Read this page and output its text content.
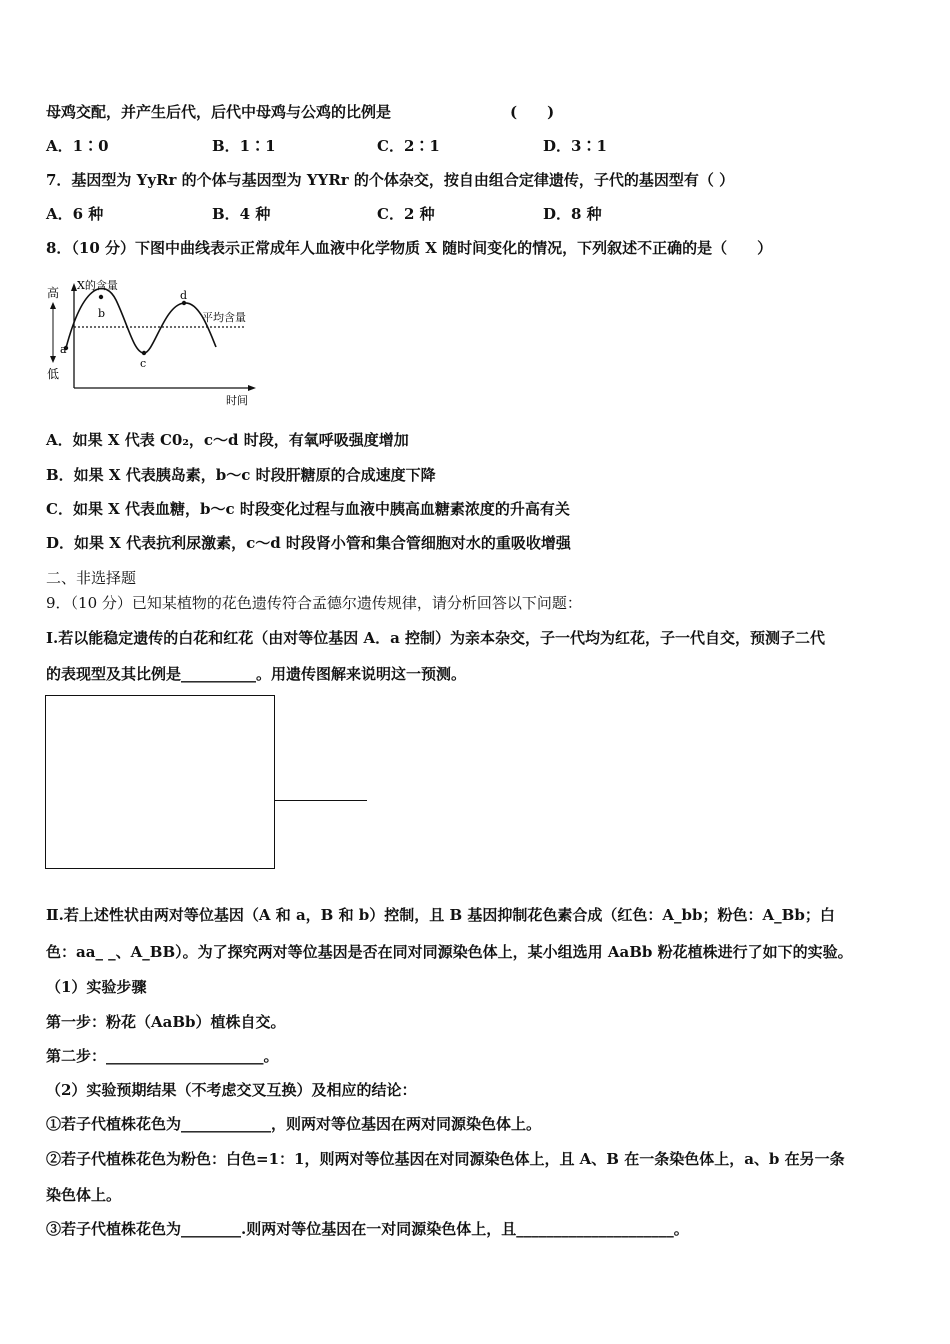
母鸡交配，并产生后代，后代中母鸡与公鸡的比例是	(　　)
A．1∶0	B．1∶1	C．2∶1	D．3∶1
7．基因型为 YyRr 的个体与基因型为 YYRr 的个体杂交，按自由组合定律遗传，子代的基因型有（ ）
A．6 种	B．4 种	C．2 种	D．8 种
8．（10 分）下图中曲线表示正常成年人血液中化学物质 X 随时间变化的情况，下列叙述不正确的是（　　）
高
低
X的含量
时间
平均含量
a
b
c
d
A．如果 X 代表 C0₂，c～d 时段，有氧呼吸强度增加
B．如果 X 代表胰岛素，b～c 时段肝糖原的合成速度下降
C．如果 X 代表血糖，b～c 时段变化过程与血液中胰高血糖素浓度的升高有关
D．如果 X 代表抗利尿激素，c～d 时段肾小管和集合管细胞对水的重吸收增强
二、非选择题
9．（10 分）已知某植物的花色遗传符合孟德尔遗传规律，请分析回答以下问题：
Ⅰ.若以能稳定遗传的白花和红花（由对等位基因 A．a 控制）为亲本杂交，子一代均为红花，子一代自交，预测子二代
的表现型及其比例是__________。用遗传图解来说明这一预测。
Ⅱ.若上述性状由两对等位基因（A 和 a，B 和 b）控制，且 B 基因抑制花色素合成（红色：A_bb；粉色：A_Bb；白
色：aa_ _、A_BB）。为了探究两对等位基因是否在同对同源染色体上，某小组选用 AaBb 粉花植株进行了如下的实验。
（1）实验步骤
第一步：粉花（AaBb）植株自交。
第二步：_____________________。
（2）实验预期结果（不考虑交叉互换）及相应的结论：
①若子代植株花色为____________，则两对等位基因在两对同源染色体上。
②若子代植株花色为粉色：白色=1：1，则两对等位基因在对同源染色体上，且 A、B 在一条染色体上，a、b 在另一条
染色体上。
③若子代植株花色为________.则两对等位基因在一对同源染色体上，且_____________________。
